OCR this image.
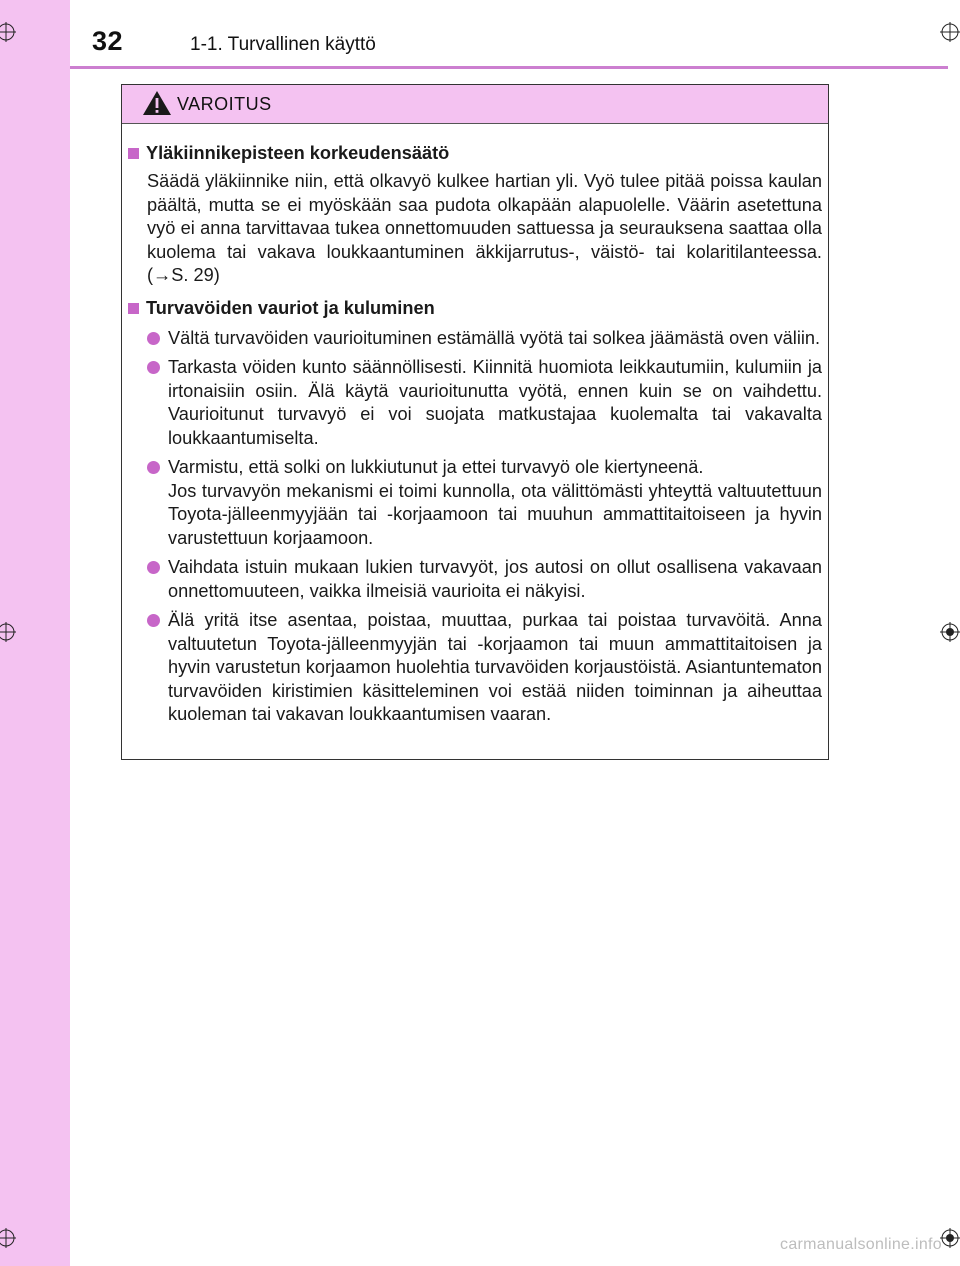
32	1-1. Turvallinen käyttö
VAROITUS
Yläkiinnikepisteen korkeudensäätö
Säädä yläkiinnike niin, että olkavyö kulkee hartian yli. Vyö tulee pitää poissa kaulan päältä, mutta se ei myöskään saa pudota olkapään alapuolelle. Väärin asetettuna vyö ei anna tarvittavaa tukea onnettomuuden sattuessa ja seurauksena saattaa olla kuolema tai vakava loukkaantuminen äkkijarrutus-, väistö- tai kolaritilanteessa. (→S. 29)
Turvavöiden vauriot ja kuluminen
Vältä turvavöiden vaurioituminen estämällä vyötä tai solkea jäämästä oven väliin.
Tarkasta vöiden kunto säännöllisesti. Kiinnitä huomiota leikkautumiin, kulumiin ja irtonaisiin osiin. Älä käytä vaurioitunutta vyötä, ennen kuin se on vaihdettu. Vaurioitunut turvavyö ei voi suojata matkustajaa kuolemalta tai vakavalta loukkaantumiselta.
Varmistu, että solki on lukkiutunut ja ettei turvavyö ole kiertyneenä.
Jos turvavyön mekanismi ei toimi kunnolla, ota välittömästi yhteyttä valtuutettuun Toyota-jälleenmyyjään tai -korjaamoon tai muuhun ammattitaitoiseen ja hyvin varustettuun korjaamoon.
Vaihdata istuin mukaan lukien turvavyöt, jos autosi on ollut osallisena vakavaan onnettomuuteen, vaikka ilmeisiä vaurioita ei näkyisi.
Älä yritä itse asentaa, poistaa, muuttaa, purkaa tai poistaa turvavöitä. Anna valtuutetun Toyota-jälleenmyyjän tai -korjaamon tai muun ammattitaitoisen ja hyvin varustetun korjaamon huolehtia turvavöiden korjaustöistä. Asiantuntematon turvavöiden kiristimien käsitteleminen voi estää niiden toiminnan ja aiheuttaa kuoleman tai vakavan loukkaantumisen vaaran.
carmanualsonline.info
